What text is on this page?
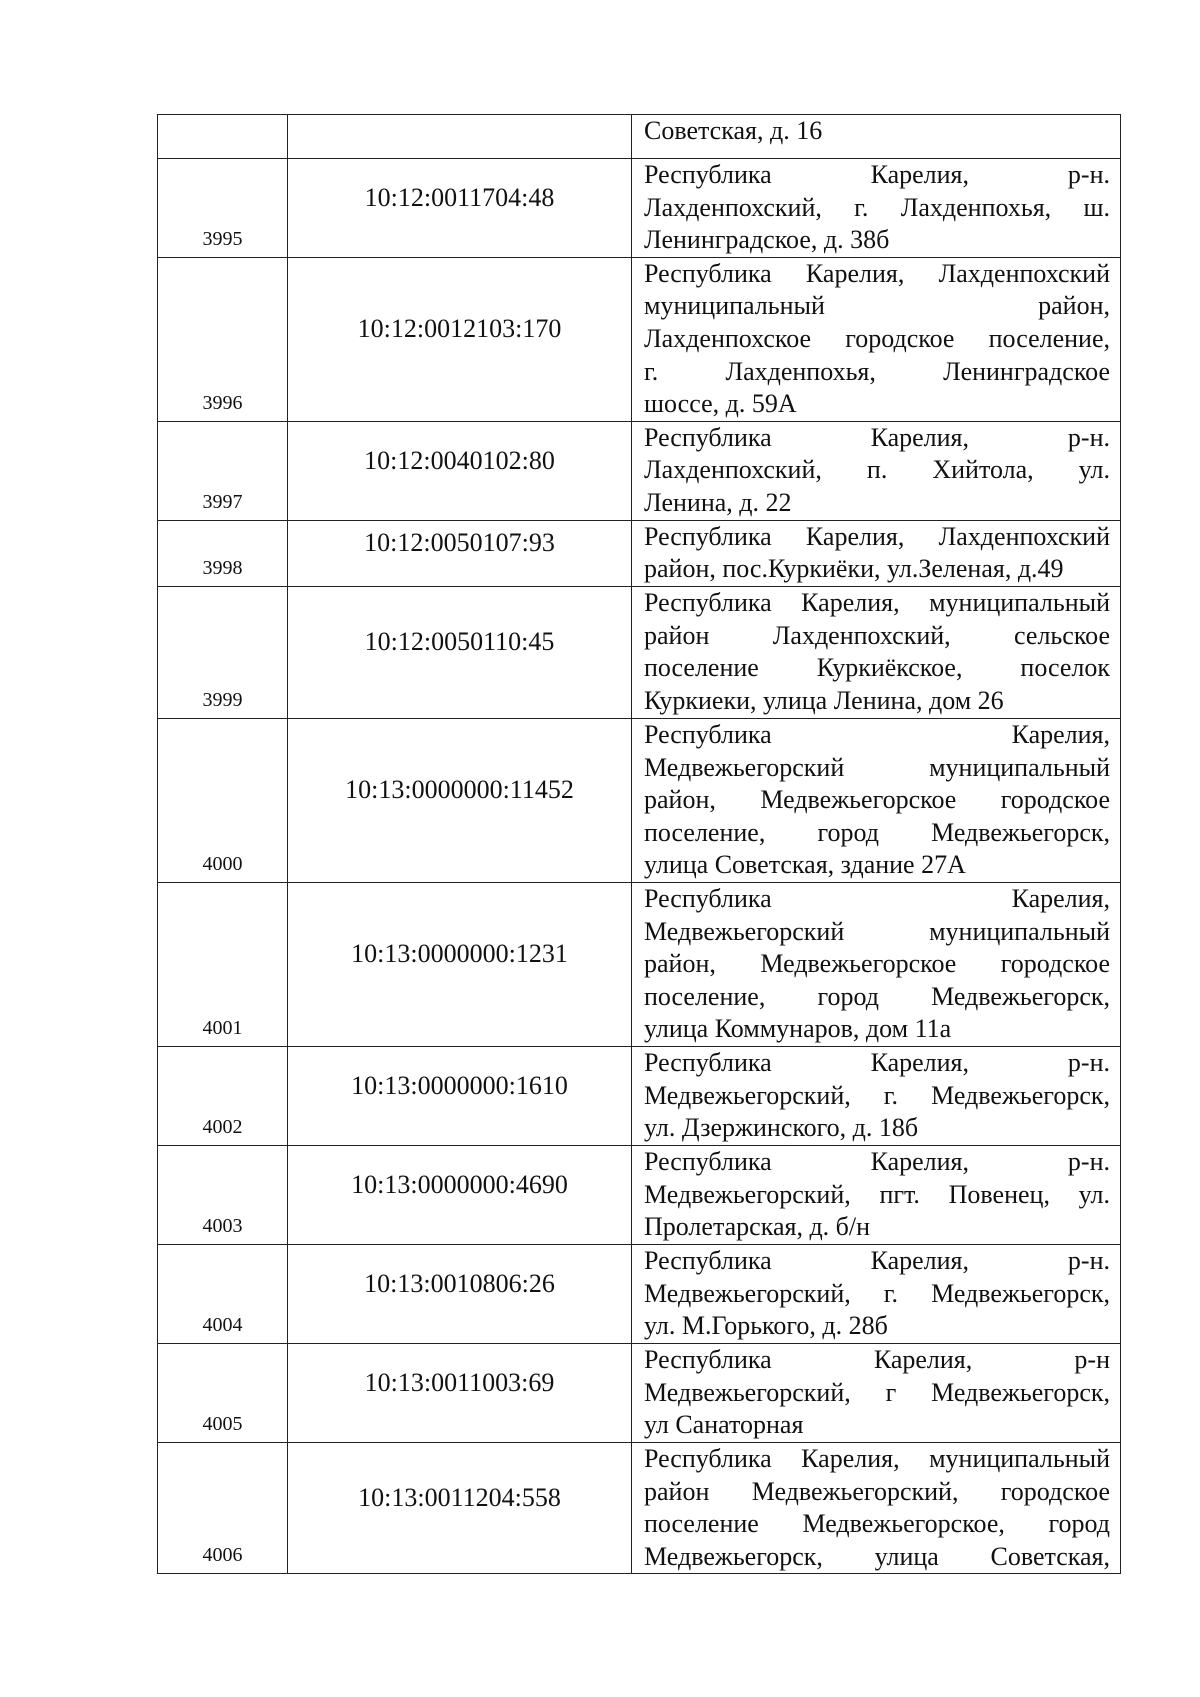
		Советская, д. 16

3995	10:12:0011704:48	Республика Карелия, р-н.
Лахденпохский, г. Лахденпохья, ш.
Ленинградское, д. 38б

3996	10:12:0012103:170	Республика Карелия, Лахденпохский
муниципальный район,
Лахденпохское городское поселение,
г. Лахденпохья, Ленинградское
шоссе, д. 59А

3997	10:12:0040102:80	Республика Карелия, р-н.
Лахденпохский, п. Хийтола, ул.
Ленина, д. 22

3998	10:12:0050107:93	Республика Карелия, Лахденпохский
район, пос.Куркиёки, ул.Зеленая, д.49

3999	10:12:0050110:45	Республика Карелия, муниципальный
район Лахденпохский, сельское
поселение Куркиёкское, поселок
Куркиеки, улица Ленина, дом 26

4000	10:13:0000000:11452	Республика Карелия,
Медвежьегорский муниципальный
район, Медвежьегорское городское
поселение, город Медвежьегорск,
улица Советская, здание 27А

4001	10:13:0000000:1231	Республика Карелия,
Медвежьегорский муниципальный
район, Медвежьегорское городское
поселение, город Медвежьегорск,
улица Коммунаров, дом 11а

4002	10:13:0000000:1610	Республика Карелия, р-н.
Медвежьегорский, г. Медвежьегорск,
ул. Дзержинского, д. 18б

4003	10:13:0000000:4690	Республика Карелия, р-н.
Медвежьегорский, пгт. Повенец, ул.
Пролетарская, д. б/н

4004	10:13:0010806:26	Республика Карелия, р-н.
Медвежьегорский, г. Медвежьегорск,
ул. М.Горького, д. 28б

4005	10:13:0011003:69	Республика Карелия, р-н
Медвежьегорский, г Медвежьегорск,
ул Санаторная

4006	10:13:0011204:558	Республика Карелия, муниципальный
район Медвежьегорский, городское
поселение Медвежьегорское, город
Медвежьегорск, улица Советская,
